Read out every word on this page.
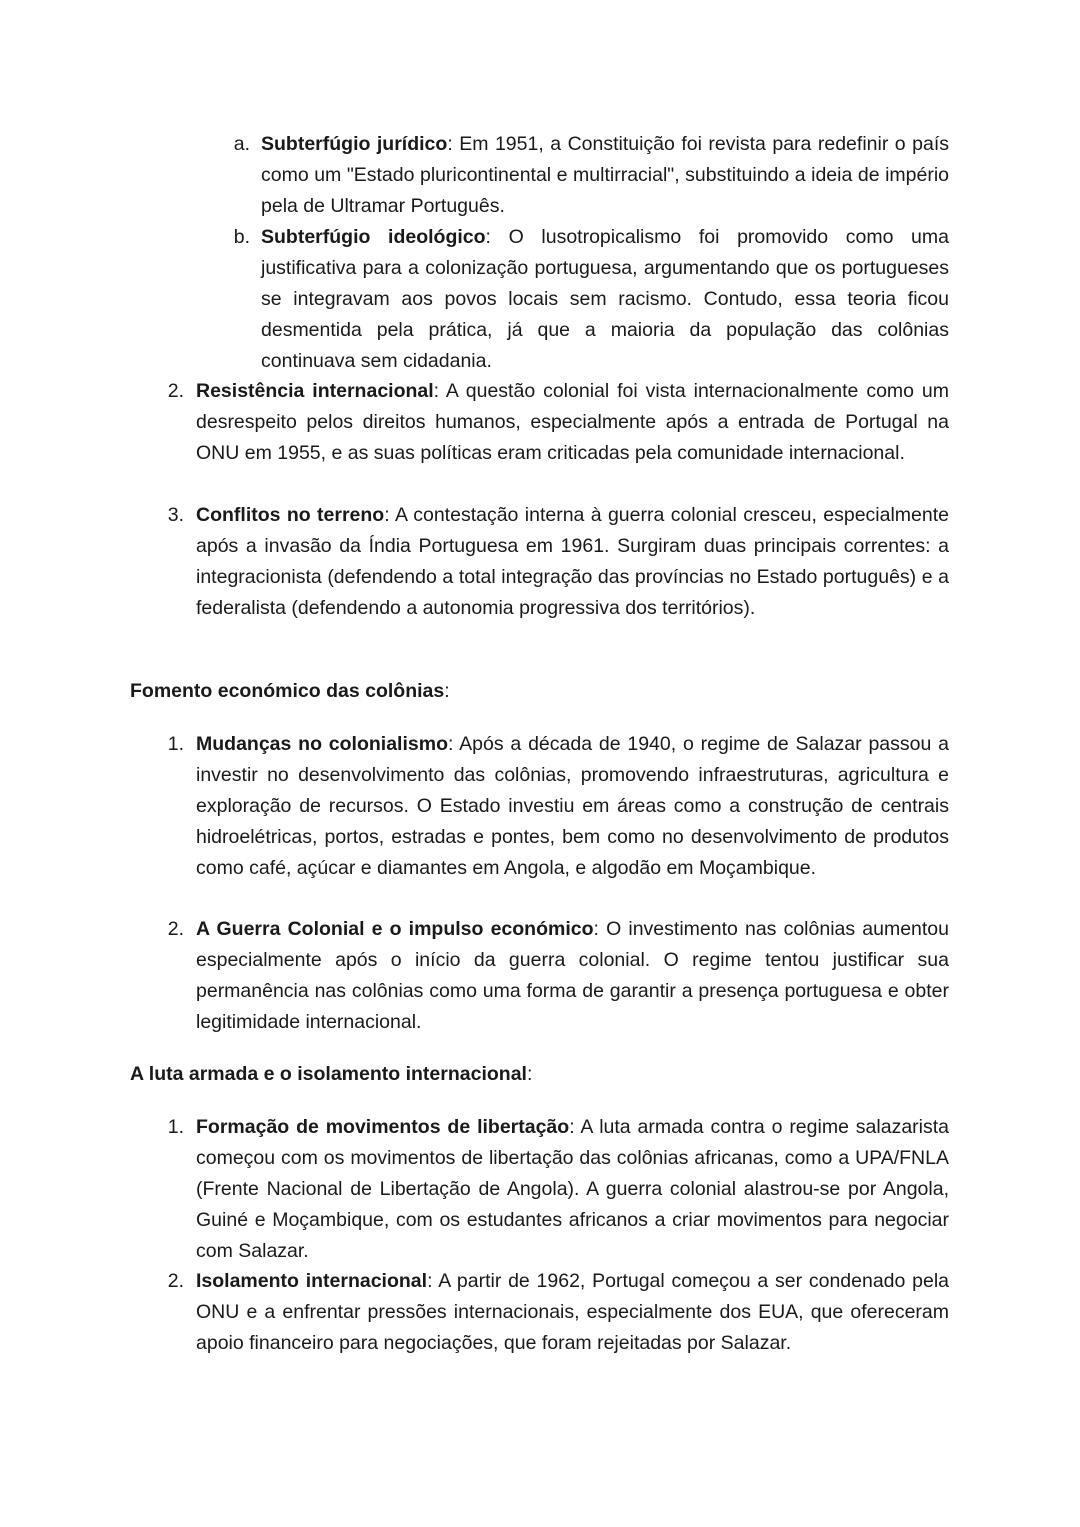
a. Subterfúgio jurídico: Em 1951, a Constituição foi revista para redefinir o país como um "Estado pluricontinental e multirracial", substituindo a ideia de império pela de Ultramar Português.
b. Subterfúgio ideológico: O lusotropicalismo foi promovido como uma justificativa para a colonização portuguesa, argumentando que os portugueses se integravam aos povos locais sem racismo. Contudo, essa teoria ficou desmentida pela prática, já que a maioria da população das colônias continuava sem cidadania.
2. Resistência internacional: A questão colonial foi vista internacionalmente como um desrespeito pelos direitos humanos, especialmente após a entrada de Portugal na ONU em 1955, e as suas políticas eram criticadas pela comunidade internacional.
3. Conflitos no terreno: A contestação interna à guerra colonial cresceu, especialmente após a invasão da Índia Portuguesa em 1961. Surgiram duas principais correntes: a integracionista (defendendo a total integração das províncias no Estado português) e a federalista (defendendo a autonomia progressiva dos territórios).
Fomento económico das colônias:
1. Mudanças no colonialismo: Após a década de 1940, o regime de Salazar passou a investir no desenvolvimento das colônias, promovendo infraestruturas, agricultura e exploração de recursos. O Estado investiu em áreas como a construção de centrais hidroelétricas, portos, estradas e pontes, bem como no desenvolvimento de produtos como café, açúcar e diamantes em Angola, e algodão em Moçambique.
2. A Guerra Colonial e o impulso económico: O investimento nas colônias aumentou especialmente após o início da guerra colonial. O regime tentou justificar sua permanência nas colônias como uma forma de garantir a presença portuguesa e obter legitimidade internacional.
A luta armada e o isolamento internacional:
1. Formação de movimentos de libertação: A luta armada contra o regime salazarista começou com os movimentos de libertação das colônias africanas, como a UPA/FNLA (Frente Nacional de Libertação de Angola). A guerra colonial alastrou-se por Angola, Guiné e Moçambique, com os estudantes africanos a criar movimentos para negociar com Salazar.
2. Isolamento internacional: A partir de 1962, Portugal começou a ser condenado pela ONU e a enfrentar pressões internacionais, especialmente dos EUA, que ofereceram apoio financeiro para negociações, que foram rejeitadas por Salazar.
